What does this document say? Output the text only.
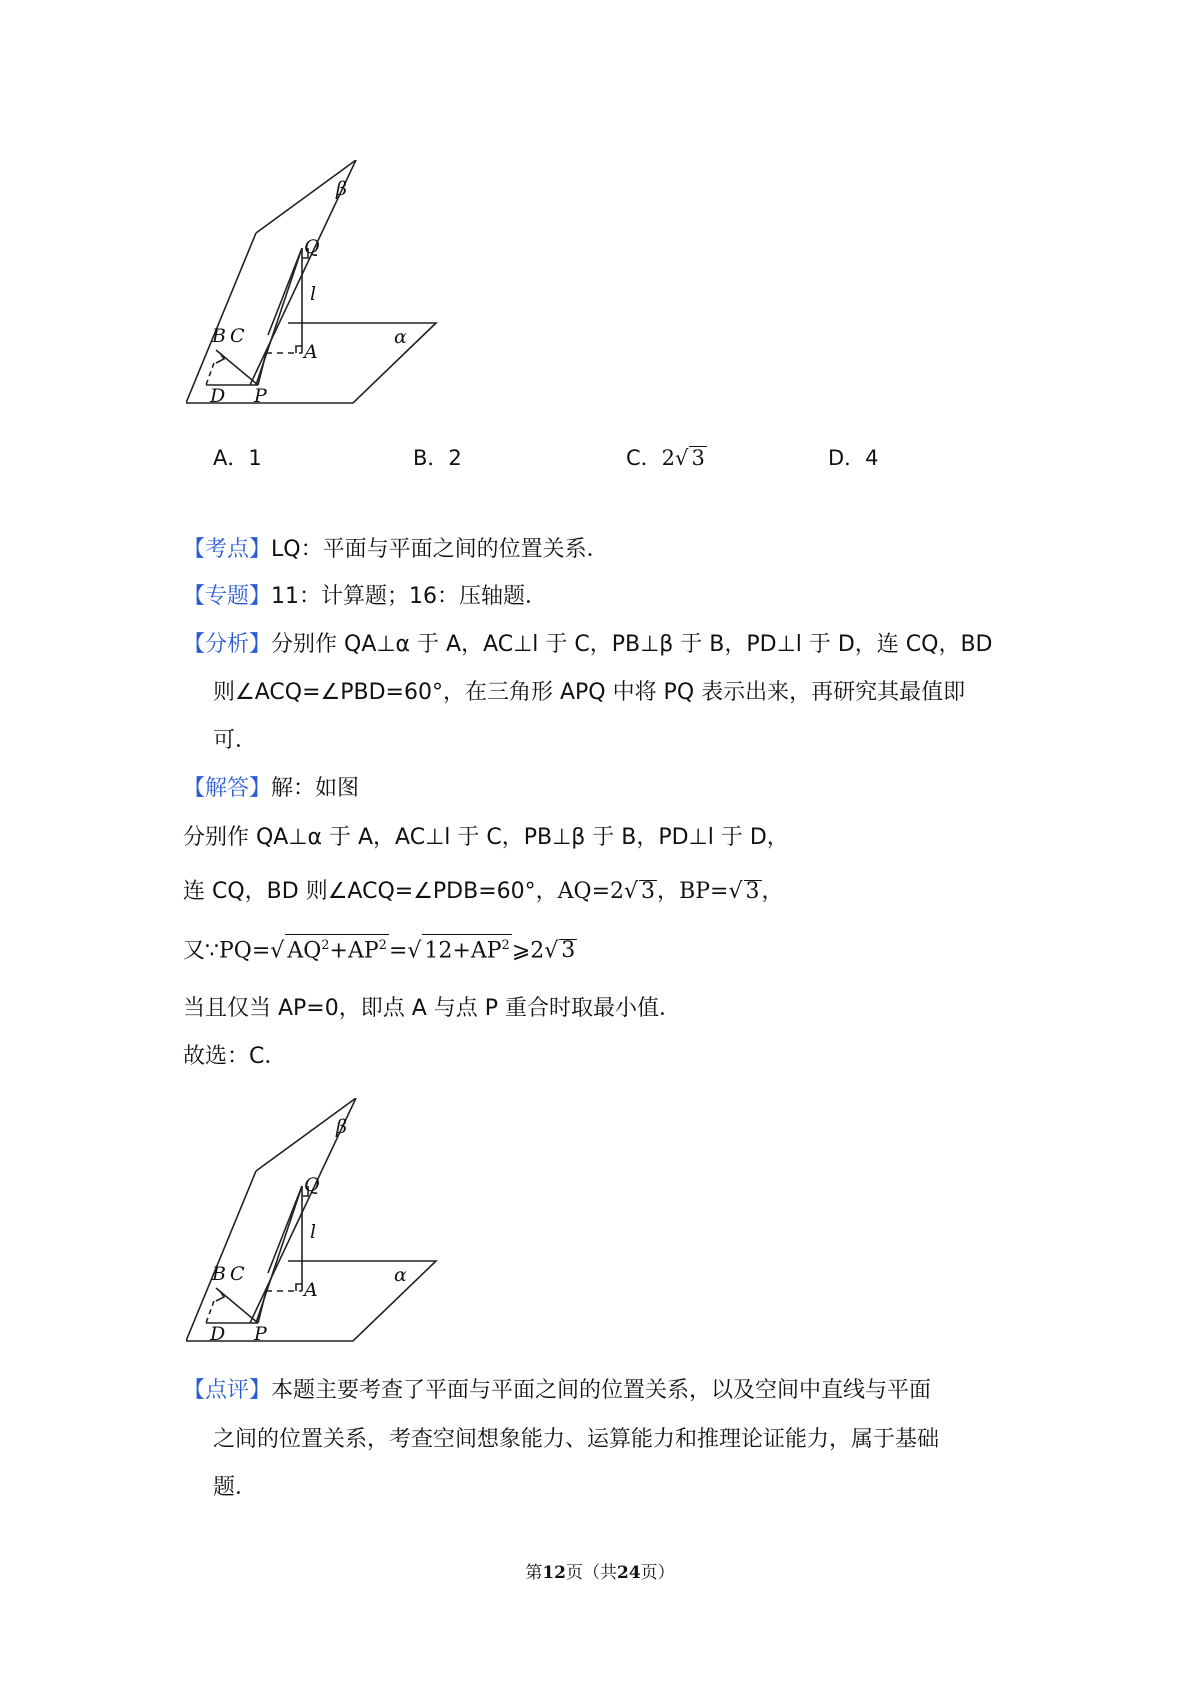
β
Q
l
B C
A
α
D P
A．1	B．2	C．2√ 3	D．4
【考点】LQ：平面与平面之间的位置关系．
【专题】11：计算题；16：压轴题．
【分析】分别作 QA⊥α 于 A，AC⊥l 于 C，PB⊥β 于 B，PD⊥l 于 D，连 CQ，BD
则∠ACQ=∠PBD=60°，在三角形 APQ 中将 PQ 表示出来，再研究其最值即
可．
【解答】解：如图
分别作 QA⊥α 于 A，AC⊥l 于 C，PB⊥β 于 B，PD⊥l 于 D，
连 CQ，BD 则∠ACQ=∠PDB=60°，AQ=2√ 3，BP=√ 3，
又∵PQ=√ $AQ^2+AP^2=√$ $12+AP^2⩾2√$ 3
当且仅当 AP=0，即点 A 与点 P 重合时取最小值．
故选：C．
β
Q
l
B C
A
α
D P
【点评】本题主要考查了平面与平面之间的位置关系，以及空间中直线与平面
之间的位置关系，考查空间想象能力、运算能力和推理论证能力，属于基础
题．
第12页（共24页）
